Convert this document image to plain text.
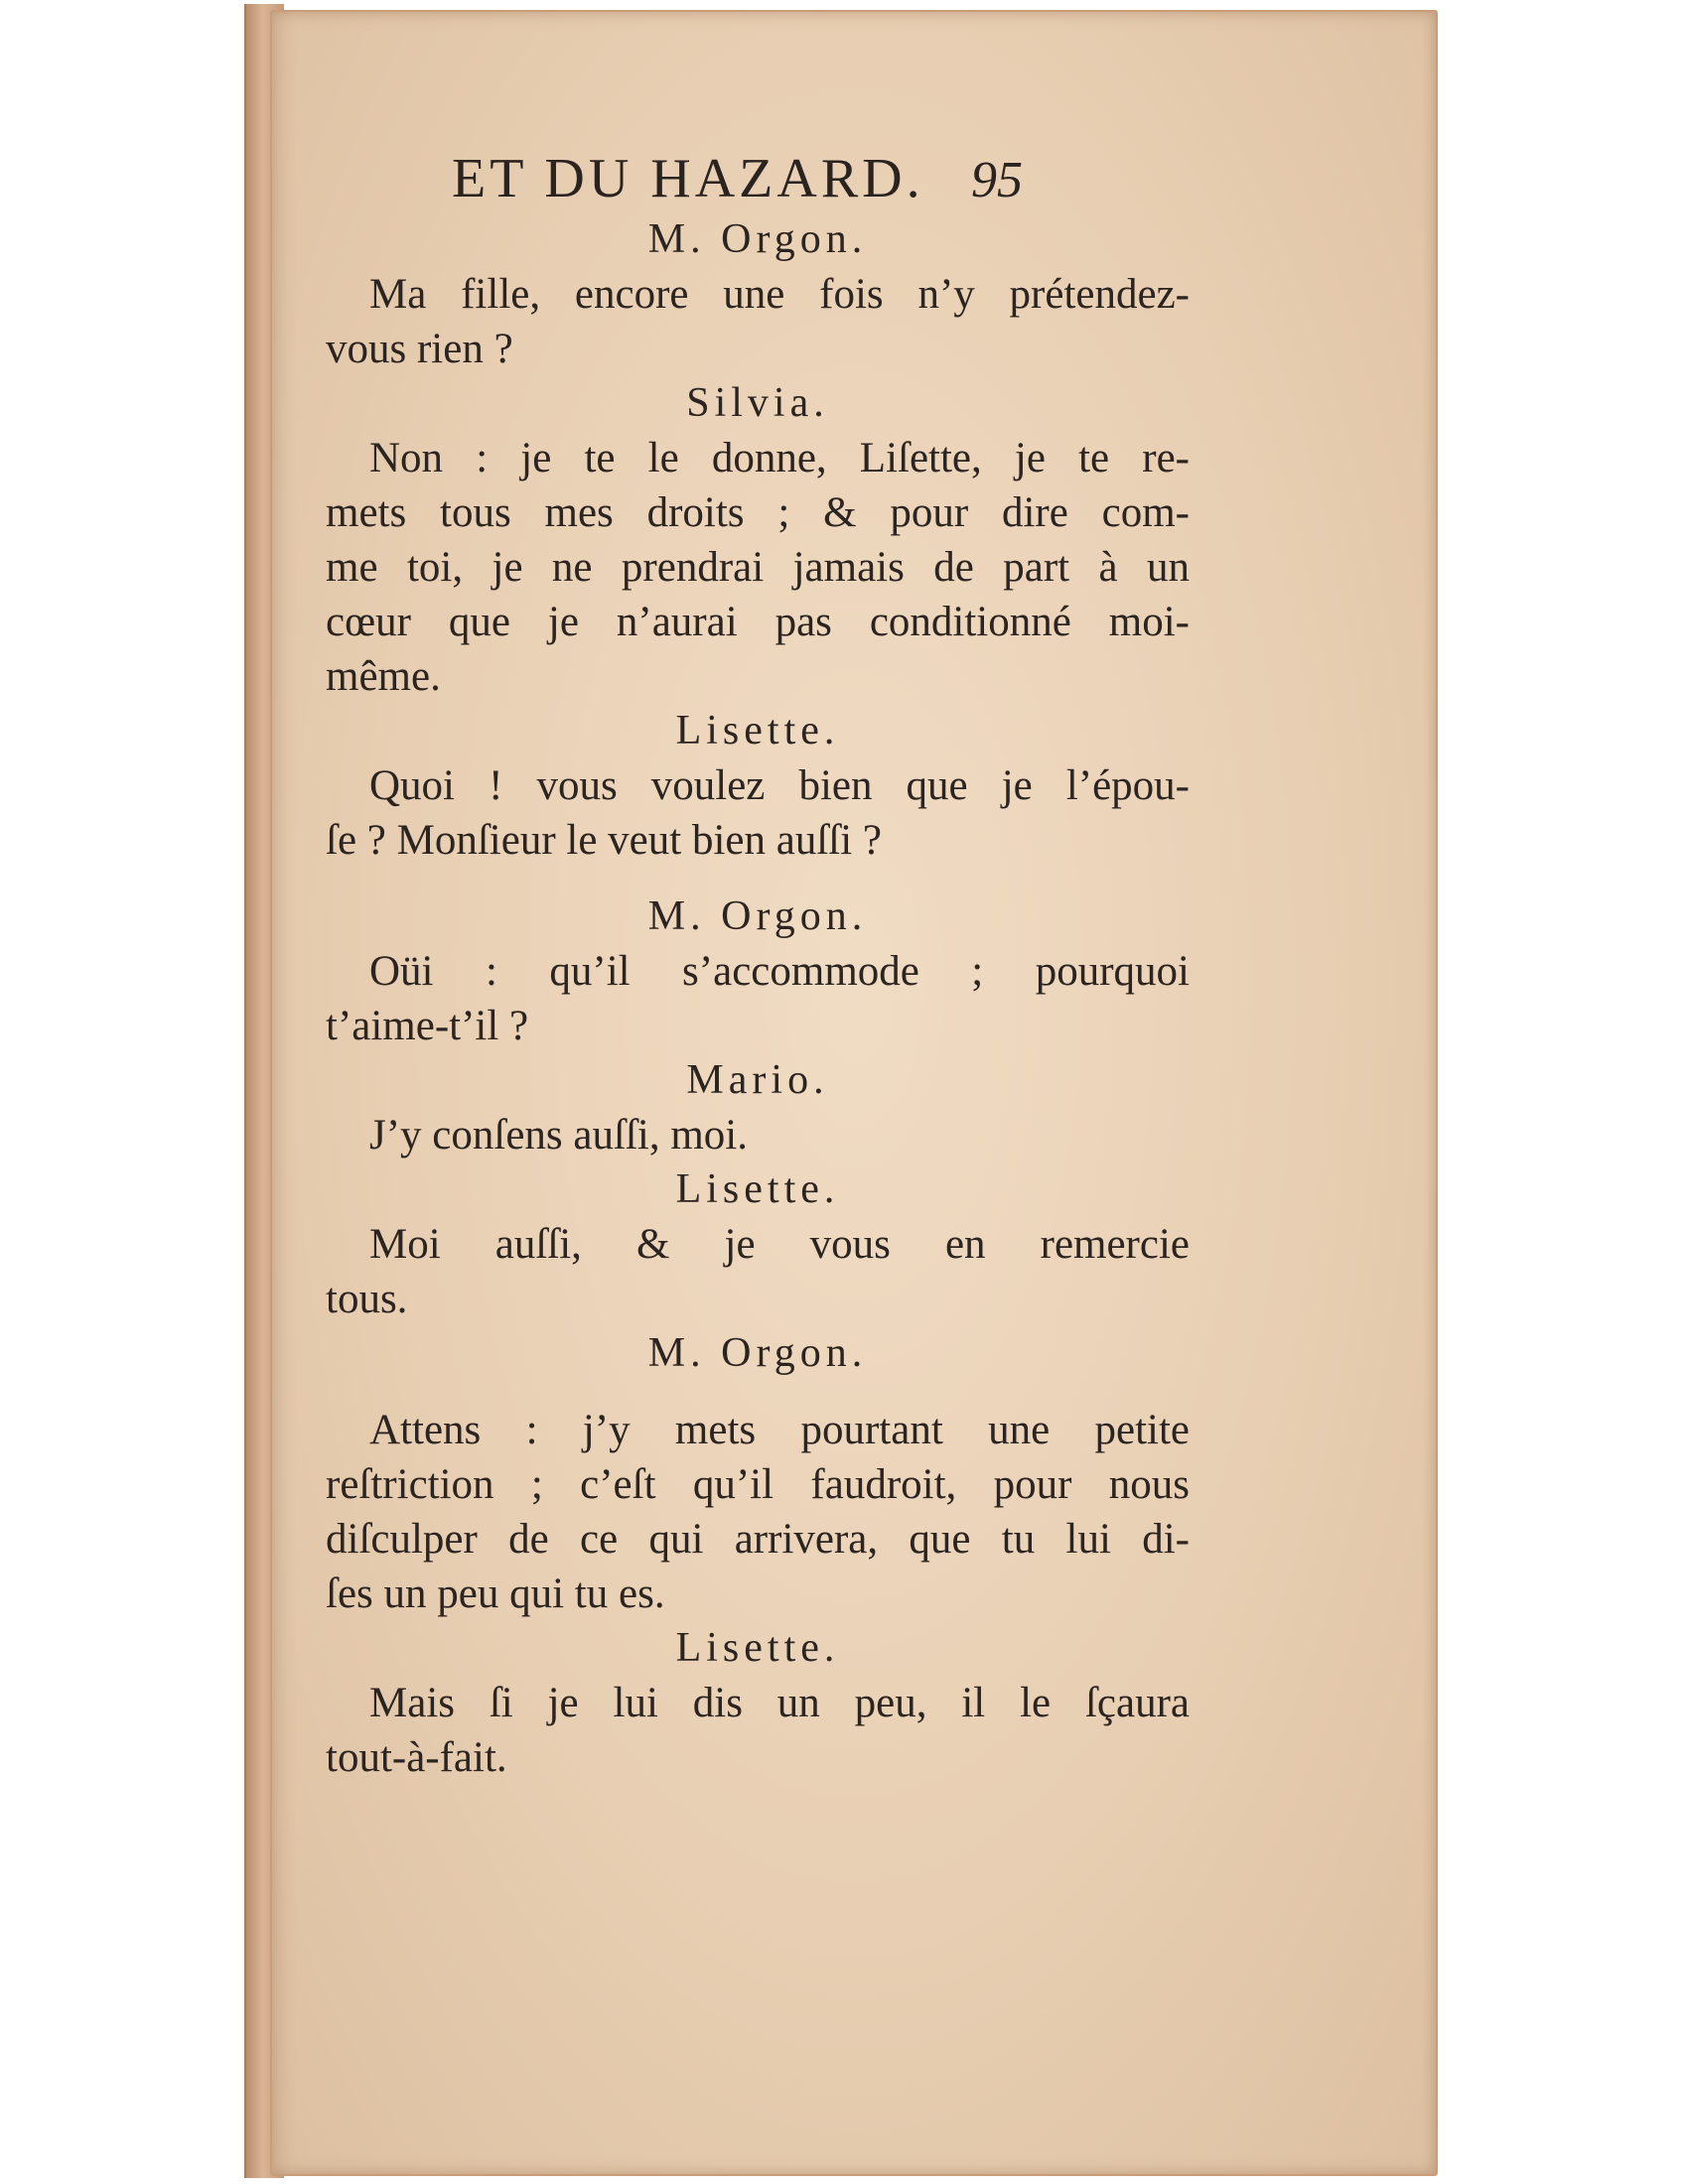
ET DU HAZARD. 95

M. Orgon.

Ma fille, encore une fois n’y prétendez-
vous rien ?

Silvia.

Non : je te le donne, Liſette, je te re-
mets tous mes droits ; & pour dire com-
me toi, je ne prendrai jamais de part à un
cœur que je n’aurai pas conditionné moi-
même.

Lisette.

Quoi ! vous voulez bien que je l’épou-
ſe ? Monſieur le veut bien auſſi ?

M. Orgon.

Oüi : qu’il s’accommode ; pourquoi
t’aime-t’il ?

Mario.

J’y conſens auſſi, moi.

Lisette.

Moi auſſi, & je vous en remercie
tous.

M. Orgon.

Attens : j’y mets pourtant une petite
reſtriction ; c’eſt qu’il faudroit, pour nous
diſculper de ce qui arrivera, que tu lui di-
ſes un peu qui tu es.

Lisette.

Mais ſi je lui dis un peu, il le ſçaura
tout-à-fait.
